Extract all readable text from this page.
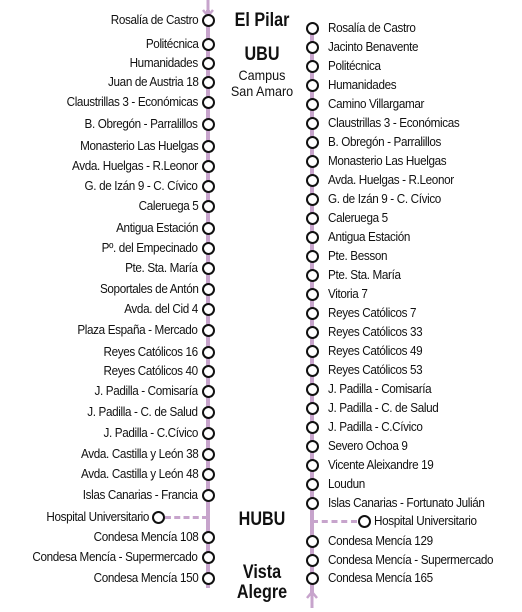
El Pilar
UBU
Campus
San Amaro
HUBU
Vista
Alegre
Rosalía de Castro
Politécnica
Humanidades
Juan de Austria 18
Claustrillas 3 - Económicas
B. Obregón - Parralillos
Monasterio Las Huelgas
Avda. Huelgas - R.Leonor
G. de Izán 9 - C. Cívico
Caleruega 5
Antigua Estación
Pº. del Empecinado
Pte. Sta. María
Soportales de Antón
Avda. del Cid 4
Plaza España - Mercado
Reyes Católicos 16
Reyes Católicos 40
J. Padilla - Comisaría
J. Padilla - C. de Salud
J. Padilla - C.Cívico
Avda. Castilla y León 38
Avda. Castilla y León 48
Islas Canarias - Francia
Hospital Universitario
Condesa Mencía 108
Condesa Mencía - Supermercado
Condesa Mencía 150
Rosalía de Castro
Jacinto Benavente
Politécnica
Humanidades
Camino Villargamar
Claustrillas 3 - Económicas
B. Obregón - Parralillos
Monasterio Las Huelgas
Avda. Huelgas - R.Leonor
G. de Izán 9 - C. Cívico
Caleruega 5
Antigua Estación
Pte. Besson
Pte. Sta. María
Vitoria 7
Reyes Católicos 7
Reyes Católicos 33
Reyes Católicos 49
Reyes Católicos 53
J. Padilla - Comisaría
J. Padilla - C. de Salud
J. Padilla - C.Cívico
Severo Ochoa 9
Vicente Aleixandre 19
Loudun
Islas Canarias - Fortunato Julián
Hospital Universitario
Condesa Mencía 129
Condesa Mencía - Supermercado
Condesa Mencía 165
